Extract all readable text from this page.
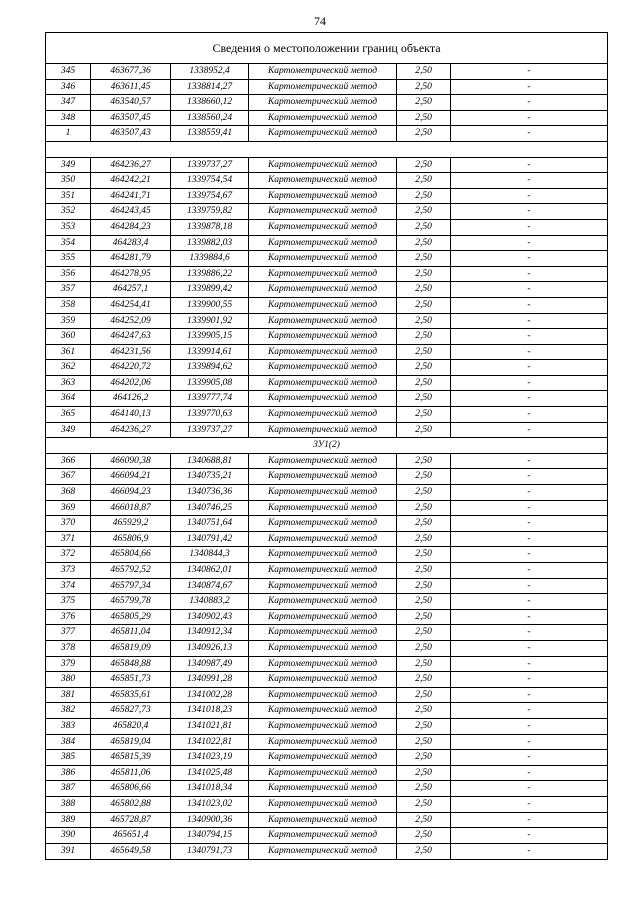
74
Сведения о местоположении границ объекта
345	463677,36	1338952,4	Картометрический метод	2,50	-
346	463611,45	1338814,27	Картометрический метод	2,50	-
347	463540,57	1338660,12	Картометрический метод	2,50	-
348	463507,45	1338560,24	Картометрический метод	2,50	-
1	463507,43	1338559,41	Картометрический метод	2,50	-
349	464236,27	1339737,27	Картометрический метод	2,50	-
350	464242,21	1339754,54	Картометрический метод	2,50	-
351	464241,71	1339754,67	Картометрический метод	2,50	-
352	464243,45	1339759,82	Картометрический метод	2,50	-
353	464284,23	1339878,18	Картометрический метод	2,50	-
354	464283,4	1339882,03	Картометрический метод	2,50	-
355	464281,79	1339884,6	Картометрический метод	2,50	-
356	464278,95	1339886,22	Картометрический метод	2,50	-
357	464257,1	1339899,42	Картометрический метод	2,50	-
358	464254,41	1339900,55	Картометрический метод	2,50	-
359	464252,09	1339901,92	Картометрический метод	2,50	-
360	464247,63	1339905,15	Картометрический метод	2,50	-
361	464231,56	1339914,61	Картометрический метод	2,50	-
362	464220,72	1339894,62	Картометрический метод	2,50	-
363	464202,06	1339905,08	Картометрический метод	2,50	-
364	464126,2	1339777,74	Картометрический метод	2,50	-
365	464140,13	1339770,63	Картометрический метод	2,50	-
349	464236,27	1339737,27	Картометрический метод	2,50	-
ЗУ1(2)
366	466090,38	1340688,81	Картометрический метод	2,50	-
367	466094,21	1340735,21	Картометрический метод	2,50	-
368	466094,23	1340736,36	Картометрический метод	2,50	-
369	466018,87	1340746,25	Картометрический метод	2,50	-
370	465929,2	1340751,64	Картометрический метод	2,50	-
371	465806,9	1340791,42	Картометрический метод	2,50	-
372	465804,66	1340844,3	Картометрический метод	2,50	-
373	465792,52	1340862,01	Картометрический метод	2,50	-
374	465797,34	1340874,67	Картометрический метод	2,50	-
375	465799,78	1340883,2	Картометрический метод	2,50	-
376	465805,29	1340902,43	Картометрический метод	2,50	-
377	465811,04	1340912,34	Картометрический метод	2,50	-
378	465819,09	1340926,13	Картометрический метод	2,50	-
379	465848,88	1340987,49	Картометрический метод	2,50	-
380	465851,73	1340991,28	Картометрический метод	2,50	-
381	465835,61	1341002,28	Картометрический метод	2,50	-
382	465827,73	1341018,23	Картометрический метод	2,50	-
383	465820,4	1341021,81	Картометрический метод	2,50	-
384	465819,04	1341022,81	Картометрический метод	2,50	-
385	465815,39	1341023,19	Картометрический метод	2,50	-
386	465811,06	1341025,48	Картометрический метод	2,50	-
387	465806,66	1341018,34	Картометрический метод	2,50	-
388	465802,88	1341023,02	Картометрический метод	2,50	-
389	465728,87	1340900,36	Картометрический метод	2,50	-
390	465651,4	1340794,15	Картометрический метод	2,50	-
391	465649,58	1340791,73	Картометрический метод	2,50	-
